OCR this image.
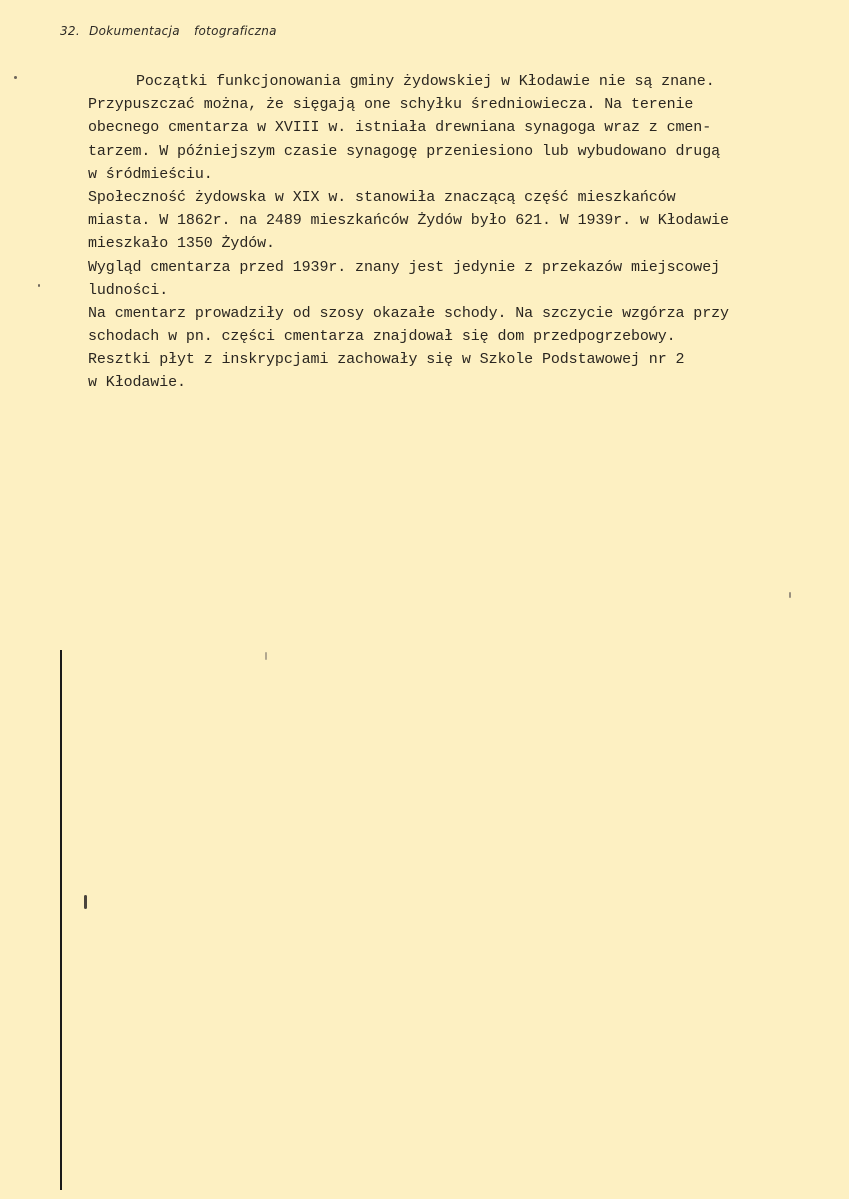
32. Dokumentacja fotograficzna
Początki funkcjonowania gminy żydowskiej w Kłodawie nie są znane.
Przypuszczać można, że sięgają one schyłku średniowiecza. Na terenie
obecnego cmentarza w XVIII w. istniała drewniana synagoga wraz z cmen-
tarzem. W późniejszym czasie synagogę przeniesiono lub wybudowano drugą
w śródmieściu.
Społeczność żydowska w XIX w. stanowiła znaczącą część mieszkańców
miasta. W 1862r. na 2489 mieszkańców Żydów było 621. W 1939r. w Kłodawie
mieszkało 1350 Żydów.
Wygląd cmentarza przed 1939r. znany jest jedynie z przekazów miejscowej
ludności.
Na cmentarz prowadziły od szosy okazałe schody. Na szczycie wzgórza przy
schodach w pn. części cmentarza znajdował się dom przedpogrzebowy.
Resztki płyt z inskrypcjami zachowały się w Szkole Podstawowej nr 2
w Kłodawie.
